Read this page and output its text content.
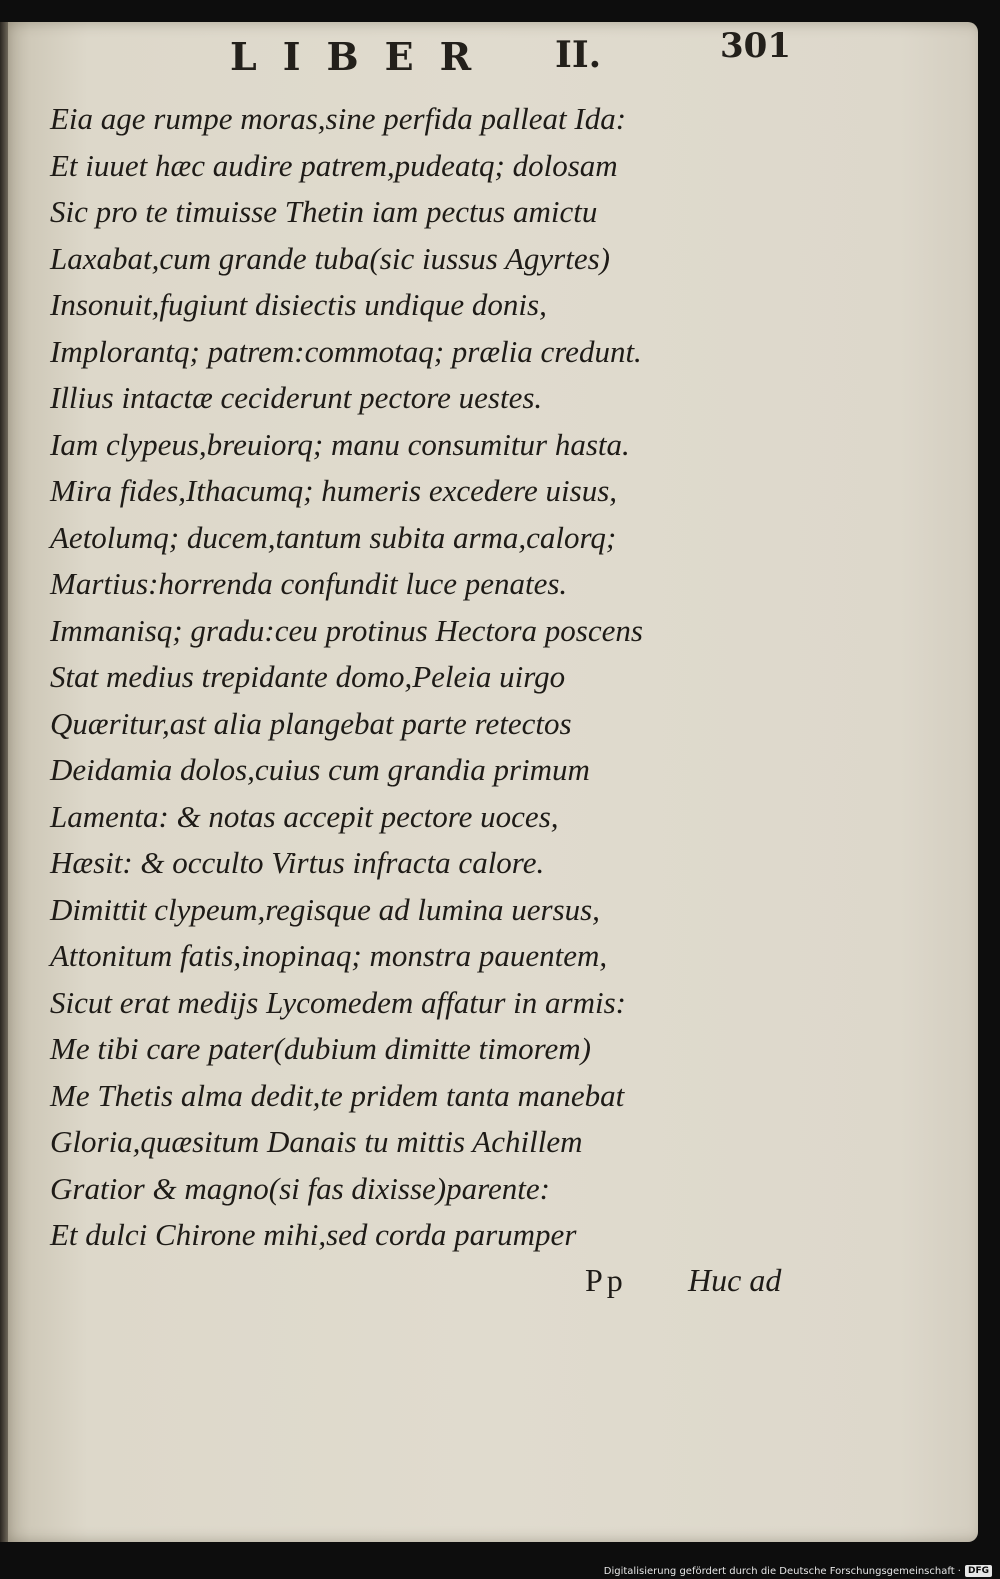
LIBER II.	301
Eia age rumpe moras,sine perfida palleat Ida:
Et iuuet hæc audire patrem,pudeatq; dolosam
Sic pro te timuisse Thetin iam pectus amictu
Laxabat,cum grande tuba(sic iussus Agyrtes)
Insonuit,fugiunt disiectis undique donis,
Implorantq; patrem:commotaq; prælia credunt.
Illius intactæ ceciderunt pectore uestes.
Iam clypeus,breuiorq; manu consumitur hasta.
Mira fides,Ithacumq; humeris excedere uisus,
Aetolumq; ducem,tantum subita arma,calorq;
Martius:horrenda confundit luce penates.
Immanisq; gradu:ceu protinus Hectora poscens
Stat medius trepidante domo,Peleia uirgo
Quæritur,ast alia plangebat parte retectos
Deidamia dolos,cuius cum grandia primum
Lamenta: & notas accepit pectore uoces,
Hæsit: & occulto Virtus infracta calore.
Dimittit clypeum,regisque ad lumina uersus,
Attonitum fatis,inopinaq; monstra pauentem,
Sicut erat medijs Lycomedem affatur in armis:
Me tibi care pater(dubium dimitte timorem)
Me Thetis alma dedit,te pridem tanta manebat
Gloria,quæsitum Danais tu mittis Achillem
Gratior & magno(si fas dixisse)parente:
Et dulci Chirone mihi,sed corda parumper
Pp Huc ad
Digitalisierung gefördert durch die Deutsche Forschungsgemeinschaft · DFG
